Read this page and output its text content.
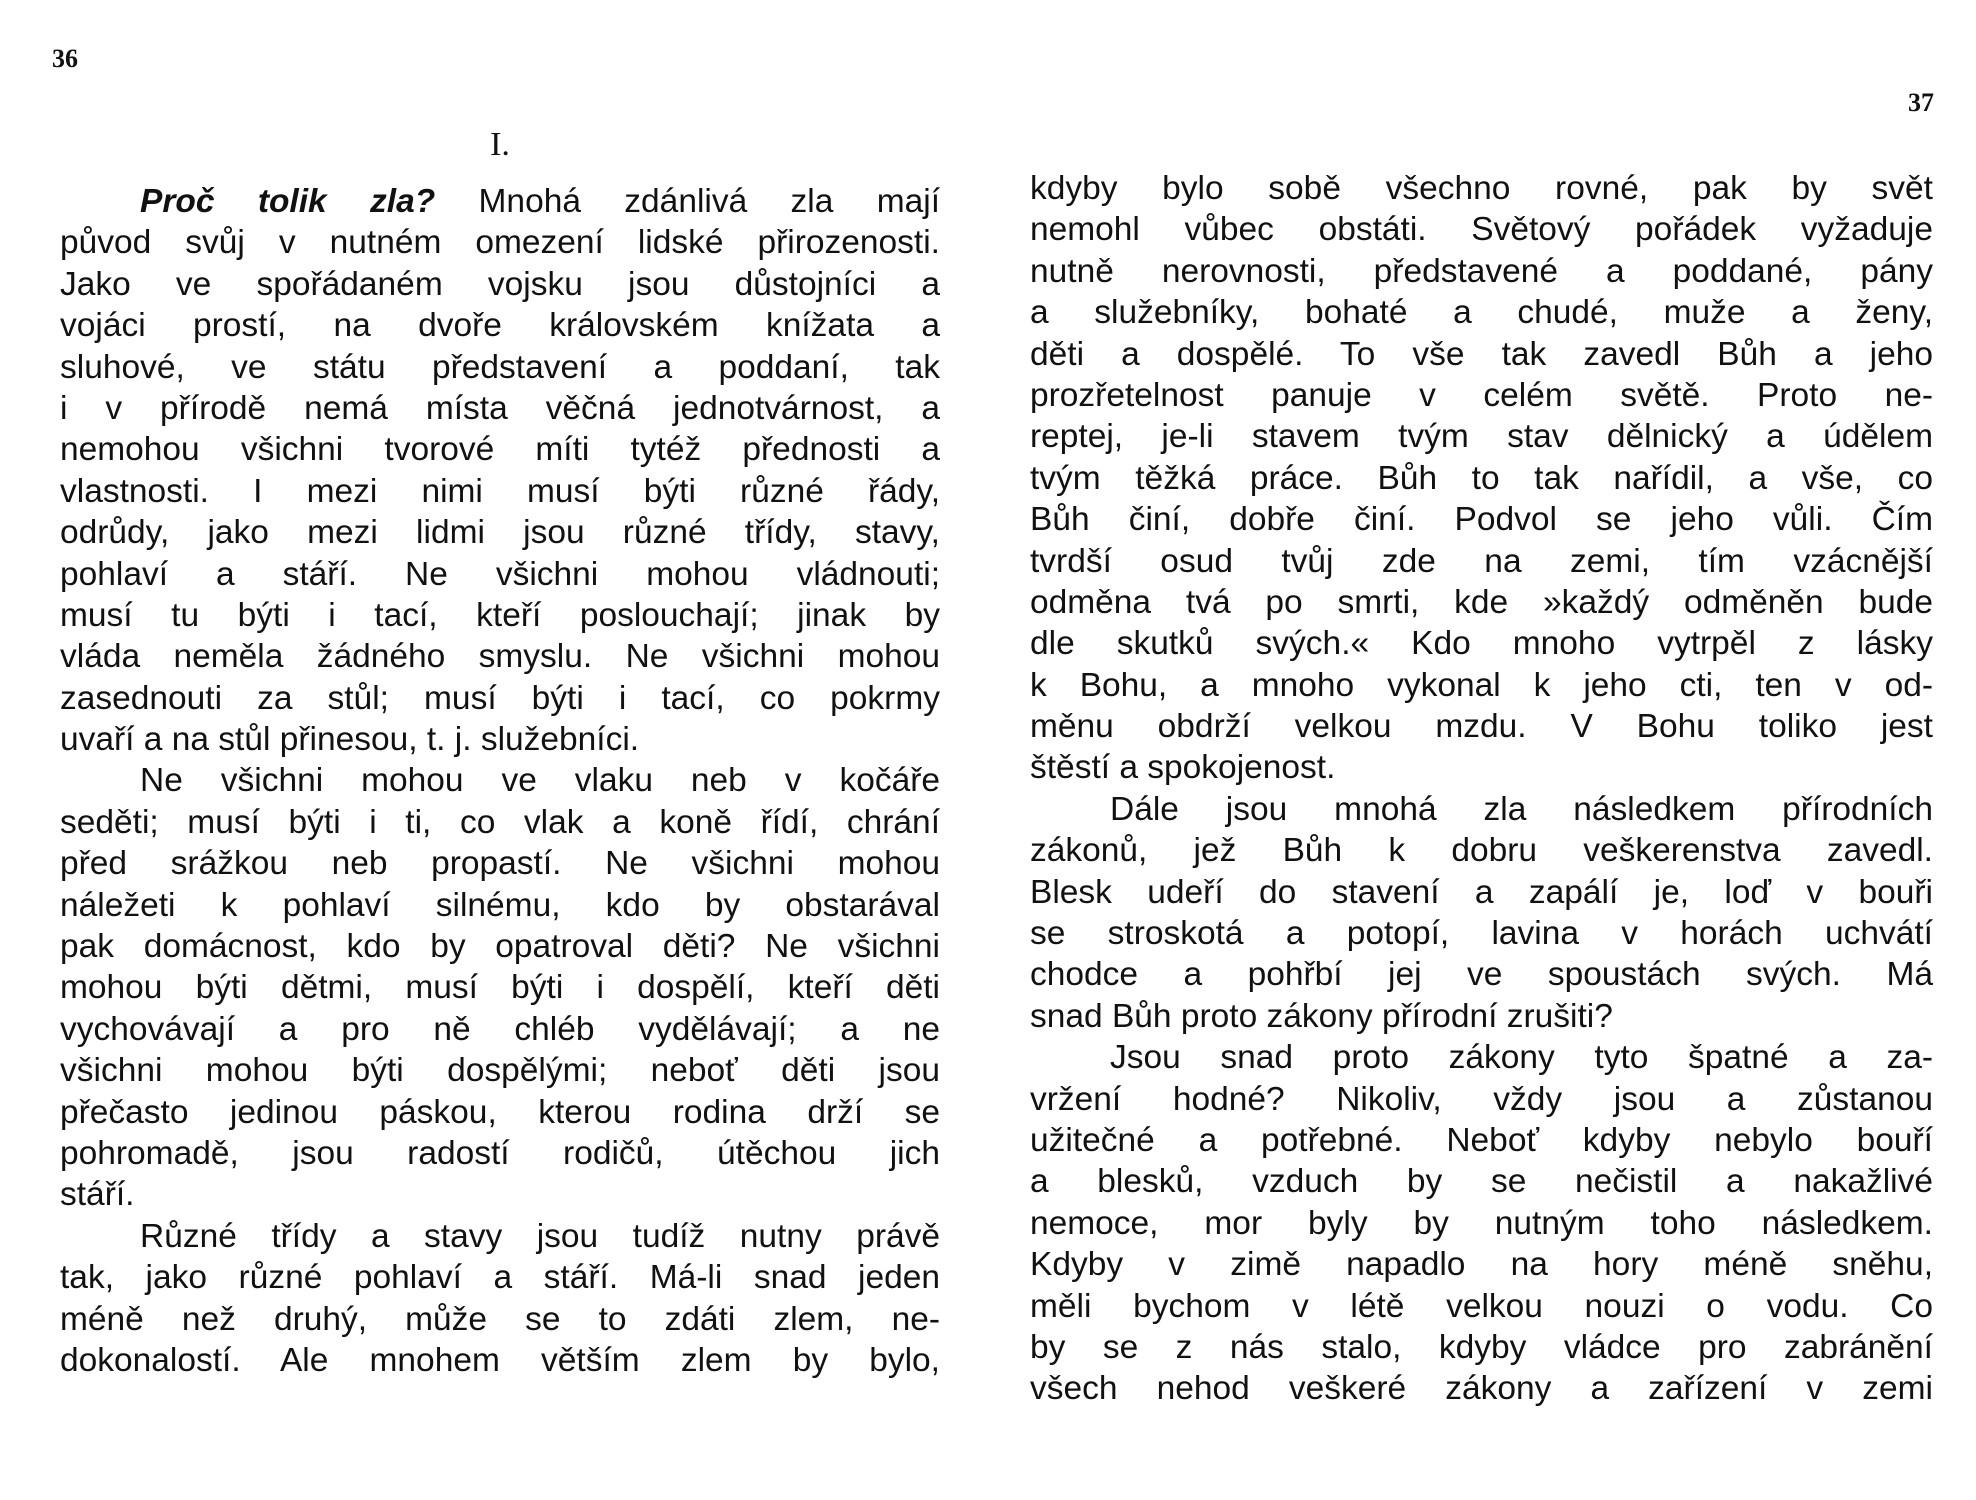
36
I.
Proč tolik zla? Mnohá zdánlivá zla mají
původ svůj v nutném omezení lidské přirozenosti.
Jako ve spořádaném vojsku jsou důstojníci a
vojáci prostí, na dvoře královském knížata a
sluhové, ve státu představení a poddaní, tak
i v přírodě nemá místa věčná jednotvárnost, a
nemohou všichni tvorové míti tytéž přednosti a
vlastnosti. I mezi nimi musí býti různé řády,
odrůdy, jako mezi lidmi jsou různé třídy, stavy,
pohlaví a stáří. Ne všichni mohou vládnouti;
musí tu býti i tací, kteří poslouchají; jinak by
vláda neměla žádného smyslu. Ne všichni mohou
zasednouti za stůl; musí býti i tací, co pokrmy
uvaří a na stůl přinesou, t. j. služebníci.
Ne všichni mohou ve vlaku neb v kočáře
seděti; musí býti i ti, co vlak a koně řídí, chrání
před srážkou neb propastí. Ne všichni mohou
náležeti k pohlaví silnému, kdo by obstarával
pak domácnost, kdo by opatroval děti? Ne všichni
mohou býti dětmi, musí býti i dospělí, kteří děti
vychovávají a pro ně chléb vydělávají; a ne
všichni mohou býti dospělými; neboť děti jsou
přečasto jedinou páskou, kterou rodina drží se
pohromadě, jsou radostí rodičů, útěchou jich
stáří.
Různé třídy a stavy jsou tudíž nutny právě
tak, jako různé pohlaví a stáří. Má-li snad jeden
méně než druhý, může se to zdáti zlem, ne-
dokonalostí. Ale mnohem větším zlem by bylo,
37
kdyby bylo sobě všechno rovné, pak by svět
nemohl vůbec obstáti. Světový pořádek vyžaduje
nutně nerovnosti, představené a poddané, pány
a služebníky, bohaté a chudé, muže a ženy,
děti a dospělé. To vše tak zavedl Bůh a jeho
prozřetelnost panuje v celém světě. Proto ne-
reptej, je-li stavem tvým stav dělnický a údělem
tvým těžká práce. Bůh to tak nařídil, a vše, co
Bůh činí, dobře činí. Podvol se jeho vůli. Čím
tvrdší osud tvůj zde na zemi, tím vzácnější
odměna tvá po smrti, kde »každý odměněn bude
dle skutků svých.« Kdo mnoho vytrpěl z lásky
k Bohu, a mnoho vykonal k jeho cti, ten v od-
měnu obdrží velkou mzdu. V Bohu toliko jest
štěstí a spokojenost.
Dále jsou mnohá zla následkem přírodních
zákonů, jež Bůh k dobru veškerenstva zavedl.
Blesk udeří do stavení a zapálí je, loď v bouři
se stroskotá a potopí, lavina v horách uchvátí
chodce a pohřbí jej ve spoustách svých. Má
snad Bůh proto zákony přírodní zrušiti?
Jsou snad proto zákony tyto špatné a za-
vržení hodné? Nikoliv, vždy jsou a zůstanou
užitečné a potřebné. Neboť kdyby nebylo bouří
a blesků, vzduch by se nečistil a nakažlivé
nemoce, mor byly by nutným toho následkem.
Kdyby v zimě napadlo na hory méně sněhu,
měli bychom v létě velkou nouzi o vodu. Co
by se z nás stalo, kdyby vládce pro zabránění
všech nehod veškeré zákony a zařízení v zemi
